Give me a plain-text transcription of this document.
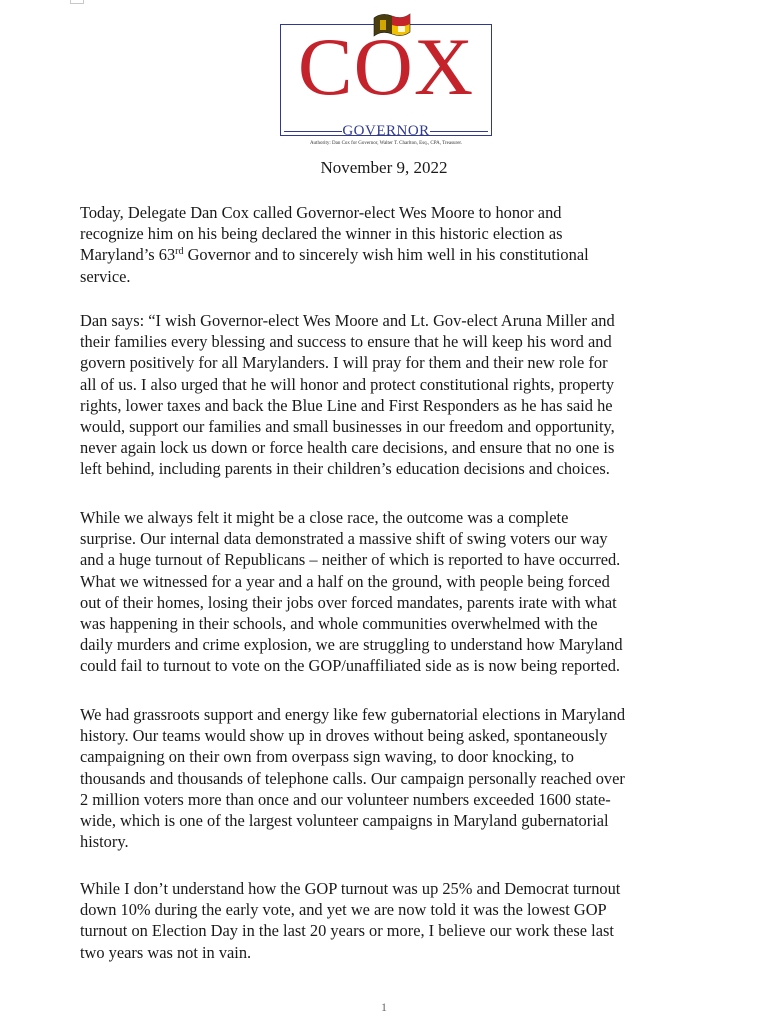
COX
GOVERNOR
Authority: Dan Cox for Governor, Walter T. Charlton, Esq., CPA, Treasurer.
November 9, 2022
Today, Delegate Dan Cox called Governor-elect Wes Moore to honor and
recognize him on his being declared the winner in this historic election as
Maryland’s 63rd Governor and to sincerely wish him well in his constitutional
service.
Dan says: “I wish Governor-elect Wes Moore and Lt. Gov-elect Aruna Miller and
their families every blessing and success to ensure that he will keep his word and
govern positively for all Marylanders. I will pray for them and their new role for
all of us. I also urged that he will honor and protect constitutional rights, property
rights, lower taxes and back the Blue Line and First Responders as he has said he
would, support our families and small businesses in our freedom and opportunity,
never again lock us down or force health care decisions, and ensure that no one is
left behind, including parents in their children’s education decisions and choices.
While we always felt it might be a close race, the outcome was a complete
surprise. Our internal data demonstrated a massive shift of swing voters our way
and a huge turnout of Republicans – neither of which is reported to have occurred.
What we witnessed for a year and a half on the ground, with people being forced
out of their homes, losing their jobs over forced mandates, parents irate with what
was happening in their schools, and whole communities overwhelmed with the
daily murders and crime explosion, we are struggling to understand how Maryland
could fail to turnout to vote on the GOP/unaffiliated side as is now being reported.
We had grassroots support and energy like few gubernatorial elections in Maryland
history. Our teams would show up in droves without being asked, spontaneously
campaigning on their own from overpass sign waving, to door knocking, to
thousands and thousands of telephone calls. Our campaign personally reached over
2 million voters more than once and our volunteer numbers exceeded 1600 state-
wide, which is one of the largest volunteer campaigns in Maryland gubernatorial
history.
While I don’t understand how the GOP turnout was up 25% and Democrat turnout
down 10% during the early vote, and yet we are now told it was the lowest GOP
turnout on Election Day in the last 20 years or more, I believe our work these last
two years was not in vain.
1
